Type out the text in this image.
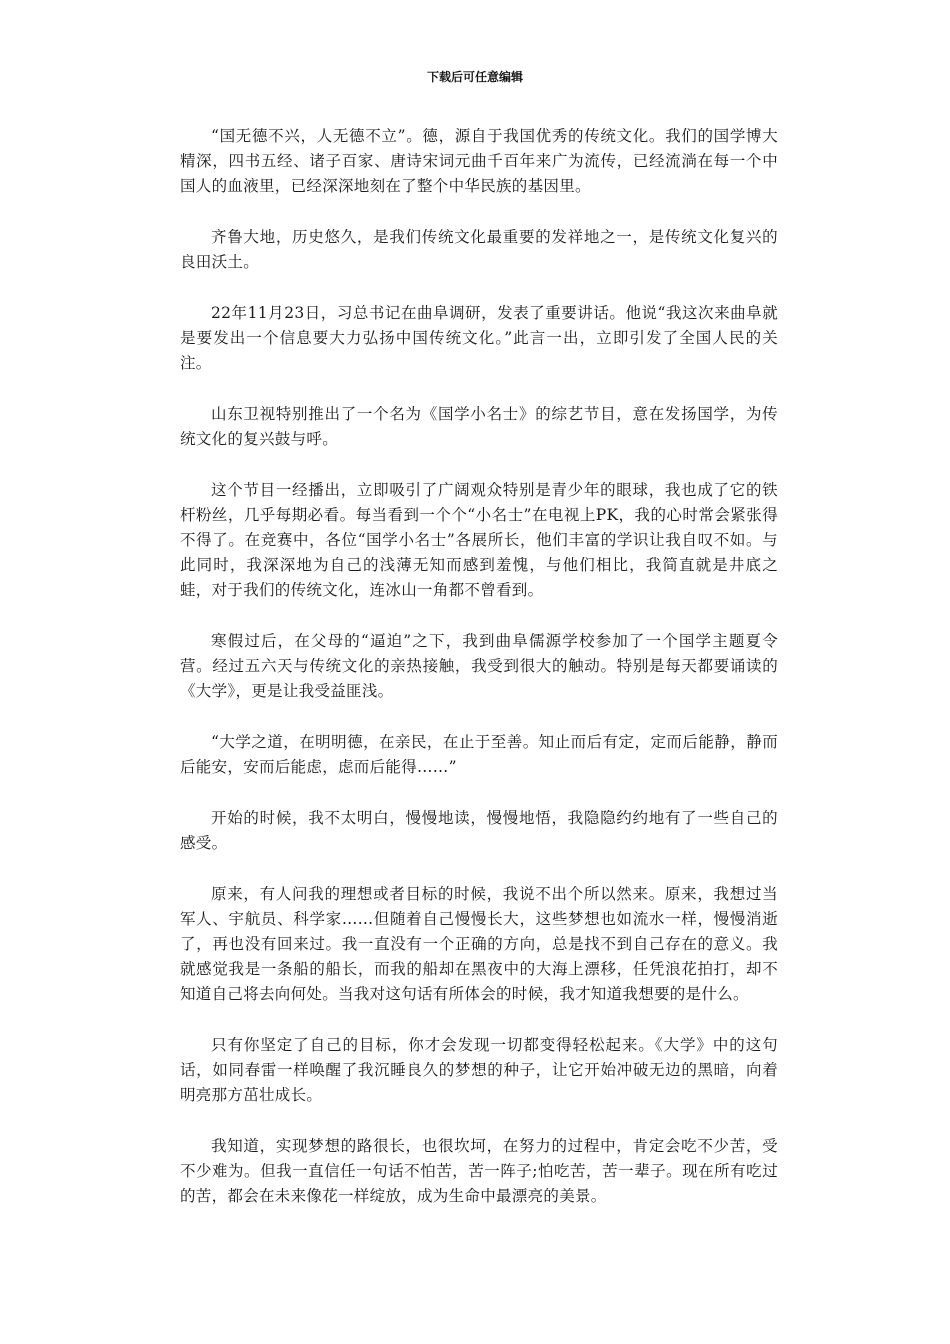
下载后可任意编辑

“国无德不兴，人无德不立”。德，源自于我国优秀的传统文化。我们的国学博大精深，四书五经、诸子百家、唐诗宋词元曲千百年来广为流传，已经流淌在每一个中国人的血液里，已经深深地刻在了整个中华民族的基因里。

齐鲁大地，历史悠久，是我们传统文化最重要的发祥地之一，是传统文化复兴的良田沃土。

22年11月23日，习总书记在曲阜调研，发表了重要讲话。他说“我这次来曲阜就是要发出一个信息要大力弘扬中国传统文化。”此言一出，立即引发了全国人民的关注。

山东卫视特别推出了一个名为《国学小名士》的综艺节目，意在发扬国学，为传统文化的复兴鼓与呼。

这个节目一经播出，立即吸引了广阔观众特别是青少年的眼球，我也成了它的铁杆粉丝，几乎每期必看。每当看到一个个“小名士”在电视上PK，我的心时常会紧张得不得了。在竞赛中，各位“国学小名士”各展所长，他们丰富的学识让我自叹不如。与此同时，我深深地为自己的浅薄无知而感到羞愧，与他们相比，我简直就是井底之蛙，对于我们的传统文化，连冰山一角都不曾看到。

寒假过后，在父母的“逼迫”之下，我到曲阜儒源学校参加了一个国学主题夏令营。经过五六天与传统文化的亲热接触，我受到很大的触动。特别是每天都要诵读的《大学》，更是让我受益匪浅。

“大学之道，在明明德，在亲民，在止于至善。知止而后有定，定而后能静，静而后能安，安而后能虑，虑而后能得……”

开始的时候，我不太明白，慢慢地读，慢慢地悟，我隐隐约约地有了一些自己的感受。

原来，有人问我的理想或者目标的时候，我说不出个所以然来。原来，我想过当军人、宇航员、科学家……但随着自己慢慢长大，这些梦想也如流水一样，慢慢消逝了，再也没有回来过。我一直没有一个正确的方向，总是找不到自己存在的意义。我就感觉我是一条船的船长，而我的船却在黑夜中的大海上漂移，任凭浪花拍打，却不知道自己将去向何处。当我对这句话有所体会的时候，我才知道我想要的是什么。

只有你坚定了自己的目标，你才会发现一切都变得轻松起来。《大学》中的这句话，如同春雷一样唤醒了我沉睡良久的梦想的种子，让它开始冲破无边的黑暗，向着明亮那方茁壮成长。

我知道，实现梦想的路很长，也很坎坷，在努力的过程中，肯定会吃不少苦，受不少难为。但我一直信任一句话不怕苦，苦一阵子;怕吃苦，苦一辈子。现在所有吃过的苦，都会在未来像花一样绽放，成为生命中最漂亮的美景。
